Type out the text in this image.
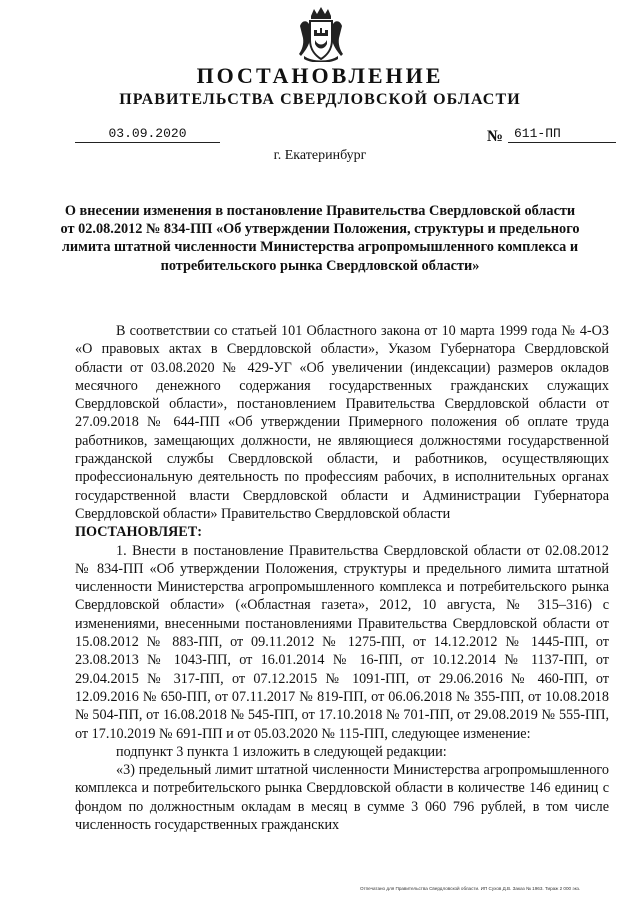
ПОСТАНОВЛЕНИЕ
ПРАВИТЕЛЬСТВА СВЕРДЛОВСКОЙ ОБЛАСТИ
03.09.2020	№ 611-ПП
г. Екатеринбург
О внесении изменения в постановление Правительства Свердловской области от 02.08.2012 № 834-ПП «Об утверждении Положения, структуры и предельного лимита штатной численности Министерства агропромышленного комплекса и потребительского рынка Свердловской области»

В соответствии со статьей 101 Областного закона от 10 марта 1999 года № 4-ОЗ «О правовых актах в Свердловской области», Указом Губернатора Свердловской области от 03.08.2020 № 429-УГ «Об увеличении (индексации) размеров окладов месячного денежного содержания государственных гражданских служащих Свердловской области», постановлением Правительства Свердловской области от 27.09.2018 № 644-ПП «Об утверждении Примерного положения об оплате труда работников, замещающих должности, не являющиеся должностями государственной гражданской службы Свердловской области, и работников, осуществляющих профессиональную деятельность по профессиям рабочих, в исполнительных органах государственной власти Свердловской области и Администрации Губернатора Свердловской области» Правительство Свердловской области

ПОСТАНОВЛЯЕТ:

1. Внести в постановление Правительства Свердловской области от 02.08.2012 № 834-ПП «Об утверждении Положения, структуры и предельного лимита штатной численности Министерства агропромышленного комплекса и потребительского рынка Свердловской области» («Областная газета», 2012, 10 августа, № 315–316) с изменениями, внесенными постановлениями Правительства Свердловской области от 15.08.2012 № 883-ПП, от 09.11.2012 № 1275-ПП, от 14.12.2012 № 1445-ПП, от 23.08.2013 № 1043-ПП, от 16.01.2014 № 16-ПП, от 10.12.2014 № 1137-ПП, от 29.04.2015 № 317-ПП, от 07.12.2015 № 1091-ПП, от 29.06.2016 № 460-ПП, от 12.09.2016 № 650-ПП, от 07.11.2017 № 819-ПП, от 06.06.2018 № 355-ПП, от 10.08.2018 № 504-ПП, от 16.08.2018 № 545-ПП, от 17.10.2018 № 701-ПП, от 29.08.2019 № 555-ПП, от 17.10.2019 № 691-ПП и от 05.03.2020 № 115-ПП, следующее изменение:

подпункт 3 пункта 1 изложить в следующей редакции:

«3) предельный лимит штатной численности Министерства агропромышленного комплекса и потребительского рынка Свердловской области в количестве 146 единиц с фондом по должностным окладам в месяц в сумме 3 060 796 рублей, в том числе численность государственных гражданских

Отпечатано для Правительства Свердловской области. ИП Сухов Д.В. Заказ № 1963. Тираж 2 000 экз.
